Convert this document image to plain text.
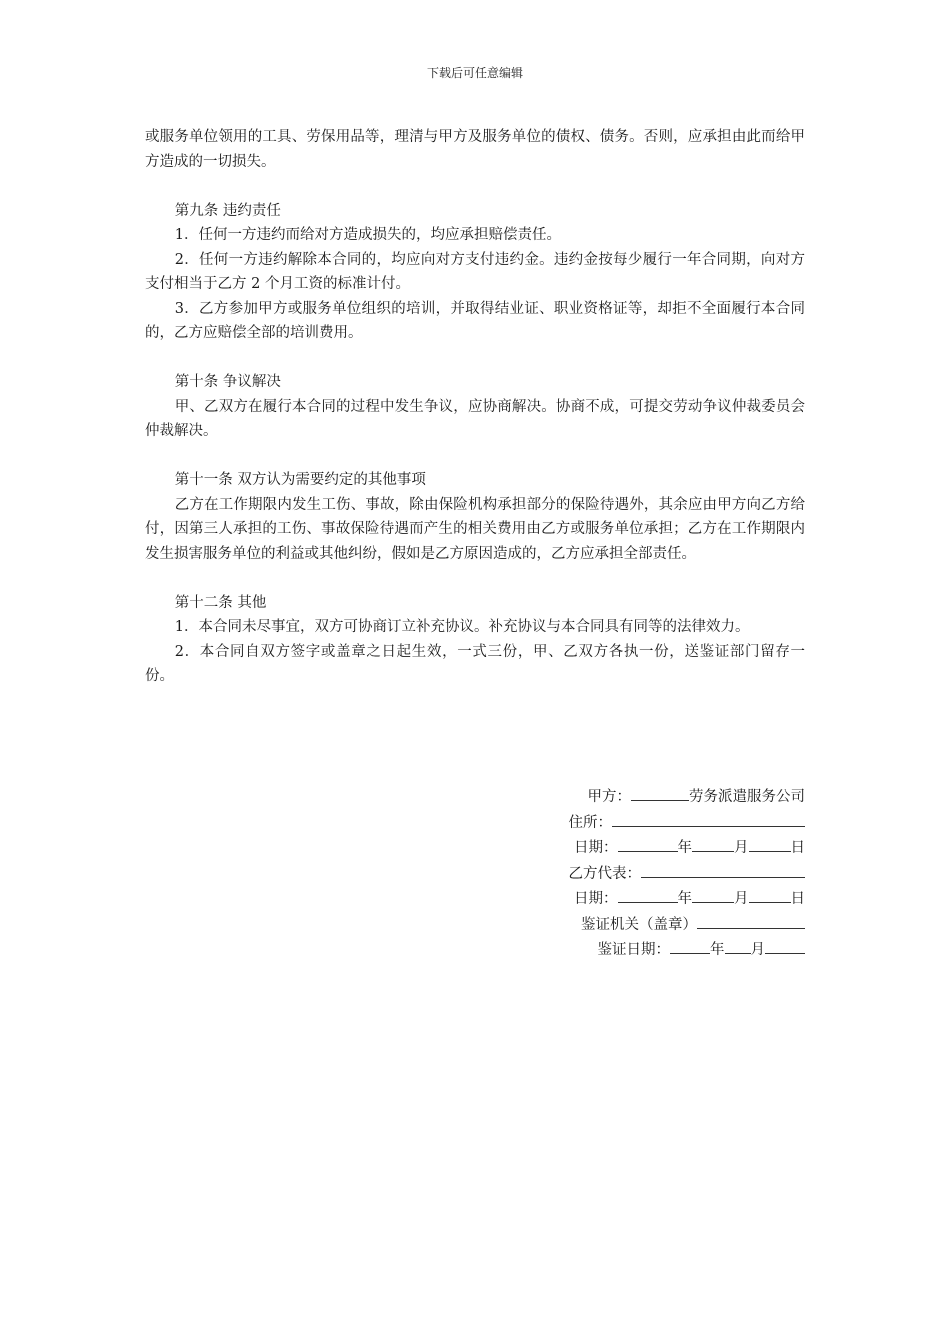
下载后可任意编辑

或服务单位领用的工具、劳保用品等，理清与甲方及服务单位的债权、债务。否则，应承担由此而给甲方造成的一切损失。

第九条 违约责任

1．任何一方违约而给对方造成损失的，均应承担赔偿责任。

2．任何一方违约解除本合同的，均应向对方支付违约金。违约金按每少履行一年合同期，向对方支付相当于乙方 2 个月工资的标准计付。

3．乙方参加甲方或服务单位组织的培训，并取得结业证、职业资格证等，却拒不全面履行本合同的，乙方应赔偿全部的培训费用。

第十条 争议解决

甲、乙双方在履行本合同的过程中发生争议，应协商解决。协商不成，可提交劳动争议仲裁委员会仲裁解决。

第十一条 双方认为需要约定的其他事项

乙方在工作期限内发生工伤、事故，除由保险机构承担部分的保险待遇外，其余应由甲方向乙方给付，因第三人承担的工伤、事故保险待遇而产生的相关费用由乙方或服务单位承担；乙方在工作期限内发生损害服务单位的利益或其他纠纷，假如是乙方原因造成的，乙方应承担全部责任。

第十二条 其他

1．本合同未尽事宜，双方可协商订立补充协议。补充协议与本合同具有同等的法律效力。

2．本合同自双方签字或盖章之日起生效，一式三份，甲、乙双方各执一份，送鉴证部门留存一份。

甲方：	劳务派遣服务公司
住所：
日期：	年	月	日
乙方代表：
日期：	年	月	日
鉴证机关（盖章）
鉴证日期：	年 月
